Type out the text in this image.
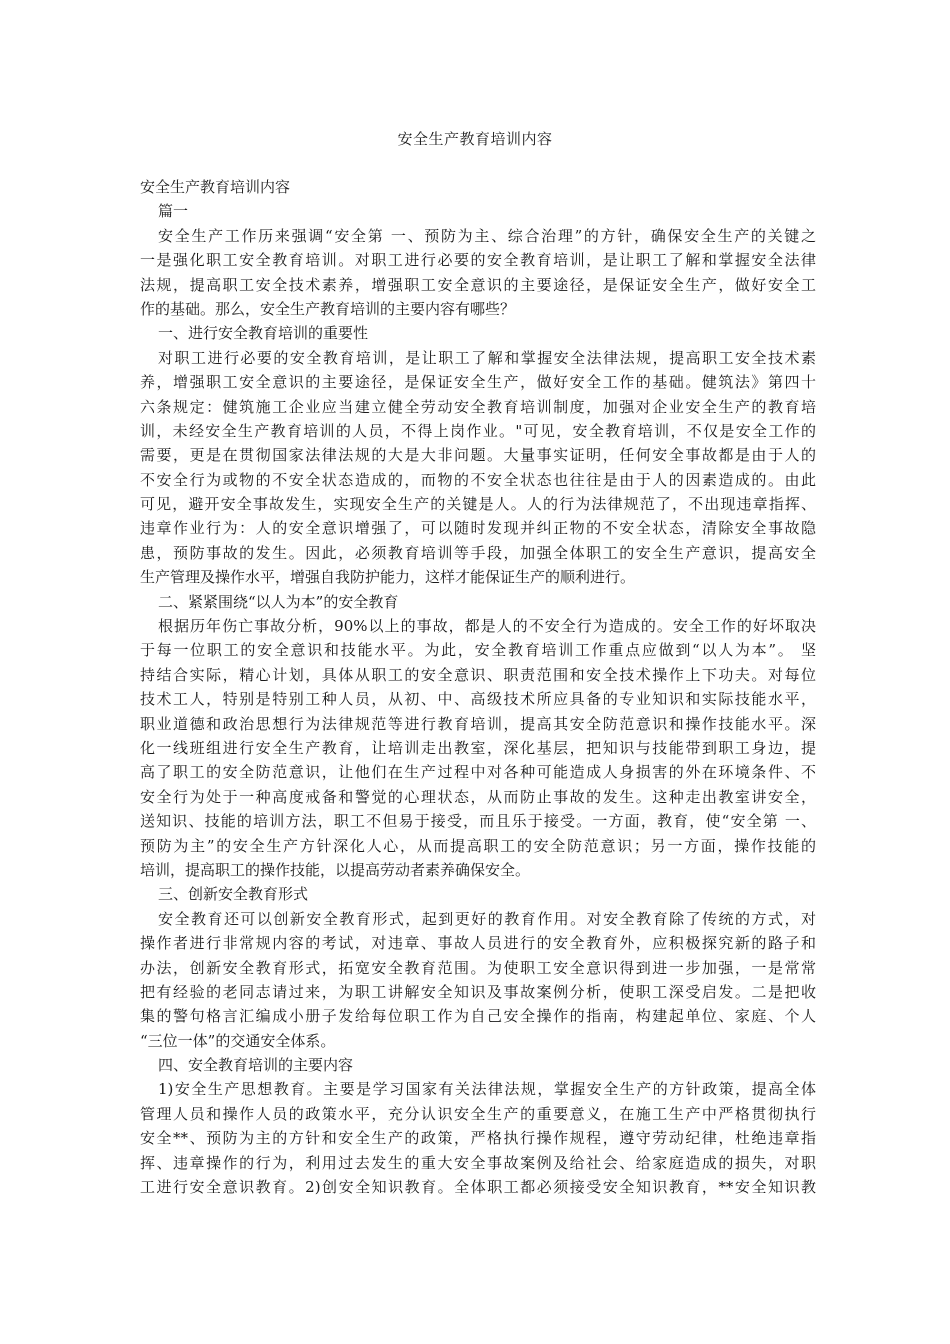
安全生产教育培训内容
安全生产教育培训内容
篇一
安全生产工作历来强调“安全第 一、预防为主、综合治理”的方针，确保安全生产的关键之
一是强化职工安全教育培训。对职工进行必要的安全教育培训，是让职工了解和掌握安全法律
法规，提高职工安全技术素养，增强职工安全意识的主要途径，是保证安全生产，做好安全工
作的基础。那么，安全生产教育培训的主要内容有哪些？
一、进行安全教育培训的重要性
对职工进行必要的安全教育培训，是让职工了解和掌握安全法律法规，提高职工安全技术素
养，增强职工安全意识的主要途径，是保证安全生产，做好安全工作的基础。健筑法》第四十
六条规定：健筑施工企业应当建立健全劳动安全教育培训制度，加强对企业安全生产的教育培
训，未经安全生产教育培训的人员，不得上岗作业。"可见，安全教育培训，不仅是安全工作的
需要，更是在贯彻国家法律法规的大是大非问题。大量事实证明，任何安全事故都是由于人的
不安全行为或物的不安全状态造成的，而物的不安全状态也往往是由于人的因素造成的。由此
可见，避开安全事故发生，实现安全生产的关键是人。人的行为法律规范了，不出现违章指挥、
违章作业行为：人的安全意识增强了，可以随时发现并纠正物的不安全状态，清除安全事故隐
患，预防事故的发生。因此，必须教育培训等手段，加强全体职工的安全生产意识，提高安全
生产管理及操作水平，增强自我防护能力，这样才能保证生产的顺利进行。
二、紧紧围绕“以人为本”的安全教育
根据历年伤亡事故分析，90%以上的事故，都是人的不安全行为造成的。安全工作的好坏取决
于每一位职工的安全意识和技能水平。为此，安全教育培训工作重点应做到“以人为本”。 坚
持结合实际，精心计划，具体从职工的安全意识、职责范围和安全技术操作上下功夫。对每位
技术工人，特别是特别工种人员，从初、中、高级技术所应具备的专业知识和实际技能水平，
职业道德和政治思想行为法律规范等进行教育培训，提高其安全防范意识和操作技能水平。深
化一线班组进行安全生产教育，让培训走出教室，深化基层，把知识与技能带到职工身边，提
高了职工的安全防范意识，让他们在生产过程中对各种可能造成人身损害的外在环境条件、不
安全行为处于一种高度戒备和警觉的心理状态，从而防止事故的发生。这种走出教室讲安全，
送知识、技能的培训方法，职工不但易于接受，而且乐于接受。一方面，教育，使“安全第 一、
预防为主”的安全生产方针深化人心，从而提高职工的安全防范意识；另一方面，操作技能的
培训，提高职工的操作技能，以提高劳动者素养确保安全。
三、创新安全教育形式
安全教育还可以创新安全教育形式，起到更好的教育作用。对安全教育除了传统的方式，对
操作者进行非常规内容的考试，对违章、事故人员进行的安全教育外，应积极探究新的路子和
办法，创新安全教育形式，拓宽安全教育范围。为使职工安全意识得到进一步加强，一是常常
把有经验的老同志请过来，为职工讲解安全知识及事故案例分析，使职工深受启发。二是把收
集的警句格言汇编成小册子发给每位职工作为自己安全操作的指南，构建起单位、家庭、个人
“三位一体”的交通安全体系。
四、安全教育培训的主要内容
1)安全生产思想教育。主要是学习国家有关法律法规，掌握安全生产的方针政策，提高全体
管理人员和操作人员的政策水平，充分认识安全生产的重要意义，在施工生产中严格贯彻执行
安全**、预防为主的方针和安全生产的政策，严格执行操作规程，遵守劳动纪律，杜绝违章指
挥、违章操作的行为，利用过去发生的重大安全事故案例及给社会、给家庭造成的损失，对职
工进行安全意识教育。2)创安全知识教育。全体职工都必须接受安全知识教育，**安全知识教
